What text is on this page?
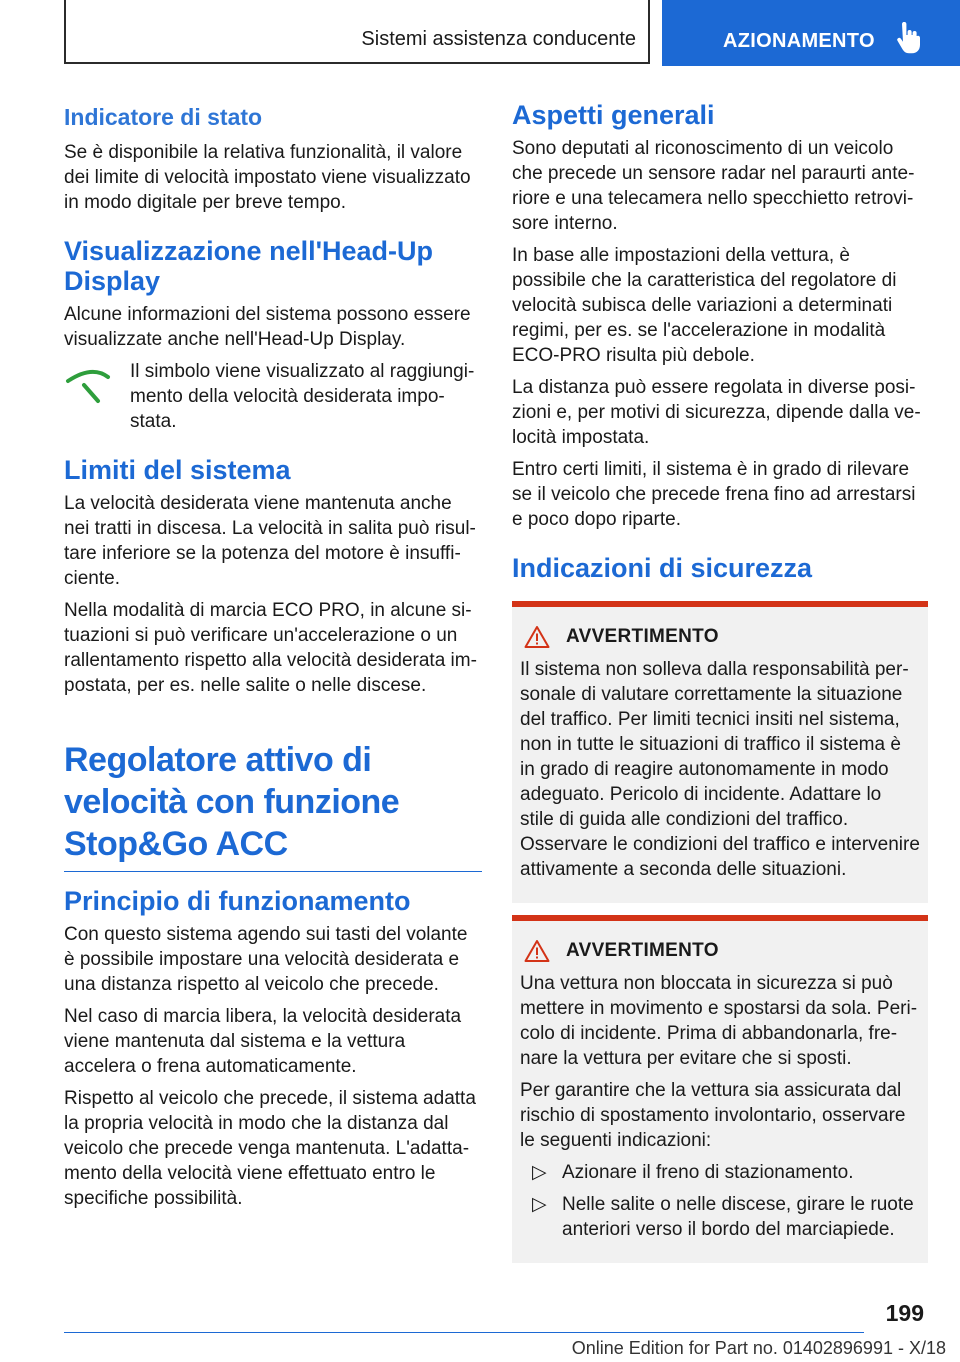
Sistemi assistenza conducente	AZIONAMENTO
Indicatore di stato

Se è disponibile la relativa funzionalità, il valore dei limite di velocità impostato viene visualizzato in modo digitale per breve tempo.

Visualizzazione nell'Head-Up Display

Alcune informazioni del sistema possono essere visualizzate anche nell'Head-Up Display.

Il simbolo viene visualizzato al raggiungimento della velocità desiderata impostata.

Limiti del sistema

La velocità desiderata viene mantenuta anche nei tratti in discesa. La velocità in salita può risultare inferiore se la potenza del motore è insufficiente.

Nella modalità di marcia ECO PRO, in alcune situazioni si può verificare un'accelerazione o un rallentamento rispetto alla velocità desiderata impostata, per es. nelle salite o nelle discese.

Regolatore attivo di velocità con funzione Stop&Go ACC
Principio di funzionamento

Con questo sistema agendo sui tasti del volante è possibile impostare una velocità desiderata e una distanza rispetto al veicolo che precede.

Nel caso di marcia libera, la velocità desiderata viene mantenuta dal sistema e la vettura accelera o frena automaticamente.

Rispetto al veicolo che precede, il sistema adatta la propria velocità in modo che la distanza dal veicolo che precede venga mantenuta. L'adattamento della velocità viene effettuato entro le specifiche possibilità.

Aspetti generali

Sono deputati al riconoscimento di un veicolo che precede un sensore radar nel paraurti anteriore e una telecamera nello specchietto retrovisore interno.

In base alle impostazioni della vettura, è possibile che la caratteristica del regolatore di velocità subisca delle variazioni a determinati regimi, per es. se l'accelerazione in modalità ECO-PRO risulta più debole.

La distanza può essere regolata in diverse posizioni e, per motivi di sicurezza, dipende dalla velocità impostata.

Entro certi limiti, il sistema è in grado di rilevare se il veicolo che precede frena fino ad arrestarsi e poco dopo riparte.

Indicazioni di sicurezza
AVVERTIMENTO

Il sistema non solleva dalla responsabilità personale di valutare correttamente la situazione del traffico. Per limiti tecnici insiti nel sistema, non in tutte le situazioni di traffico il sistema è in grado di reagire autonomamente in modo adeguato. Pericolo di incidente. Adattare lo stile di guida alle condizioni del traffico. Osservare le condizioni del traffico e intervenire attivamente a seconda delle situazioni.

AVVERTIMENTO

Una vettura non bloccata in sicurezza si può mettere in movimento e spostarsi da sola. Pericolo di incidente. Prima di abbandonarla, frenare la vettura per evitare che si sposti.

Per garantire che la vettura sia assicurata dal rischio di spostamento involontario, osservare le seguenti indicazioni:

▷ Azionare il freno di stazionamento.
▷ Nelle salite o nelle discese, girare le ruote anteriori verso il bordo del marciapiede.
199
Online Edition for Part no. 01402896991 - X/18
